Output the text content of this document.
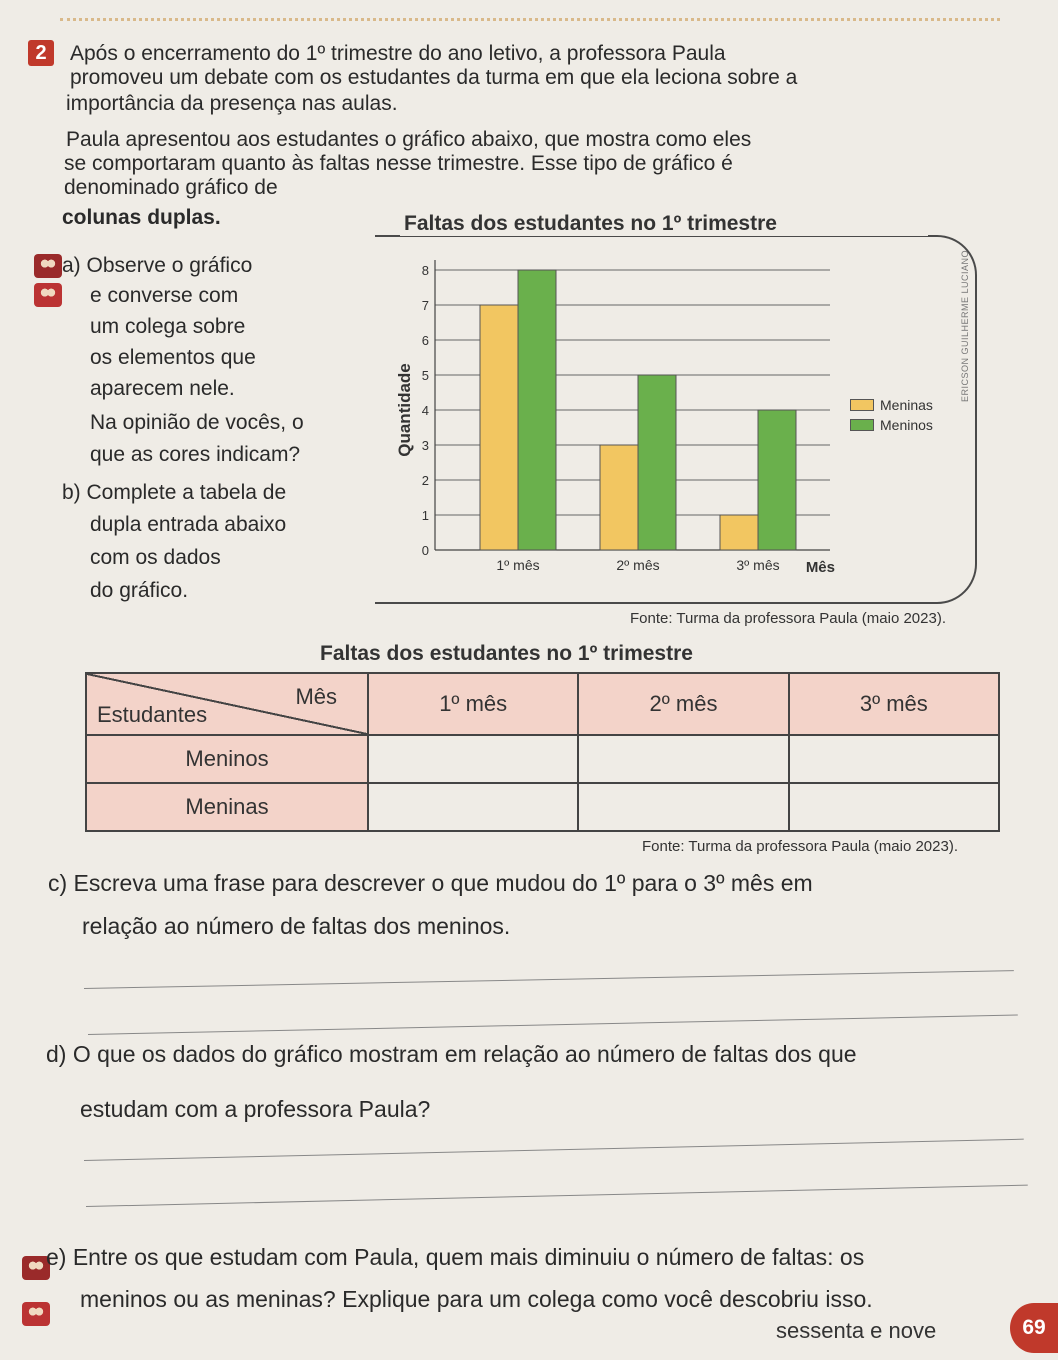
2	Após o encerramento do 1º trimestre do ano letivo, a professora Paula
promoveu um debate com os estudantes da turma em que ela leciona sobre a
importância da presença nas aulas.
Paula apresentou aos estudantes o gráfico abaixo, que mostra como eles
se comportaram quanto às faltas nesse trimestre. Esse tipo de gráfico é
denominado gráfico de
colunas duplas.
a) Observe o gráfico
e converse com
um colega sobre
os elementos que
aparecem nele.
Na opinião de vocês, o
que as cores indicam?
b) Complete a tabela de
dupla entrada abaixo
com os dados
do gráfico.
Faltas dos estudantes no 1º trimestre
0
1
2
3
4
5
6
7
8
Quantidade
1º mês	2º mês	3º mês Mês
ERICSON GUILHERME LUCIANO
Meninas
Meninos
Fonte: Turma da professora Paula (maio 2023).
Faltas dos estudantes no 1º trimestre
Mês
Estudantes	1º mês	2º mês	3º mês
Meninos			
Meninas			
Fonte: Turma da professora Paula (maio 2023).
c) Escreva uma frase para descrever o que mudou do 1º para o 3º mês em
relação ao número de faltas dos meninos.
d) O que os dados do gráfico mostram em relação ao número de faltas dos que
estudam com a professora Paula?
e) Entre os que estudam com Paula, quem mais diminuiu o número de faltas: os
meninos ou as meninas? Explique para um colega como você descobriu isso.
sessenta e nove	69
